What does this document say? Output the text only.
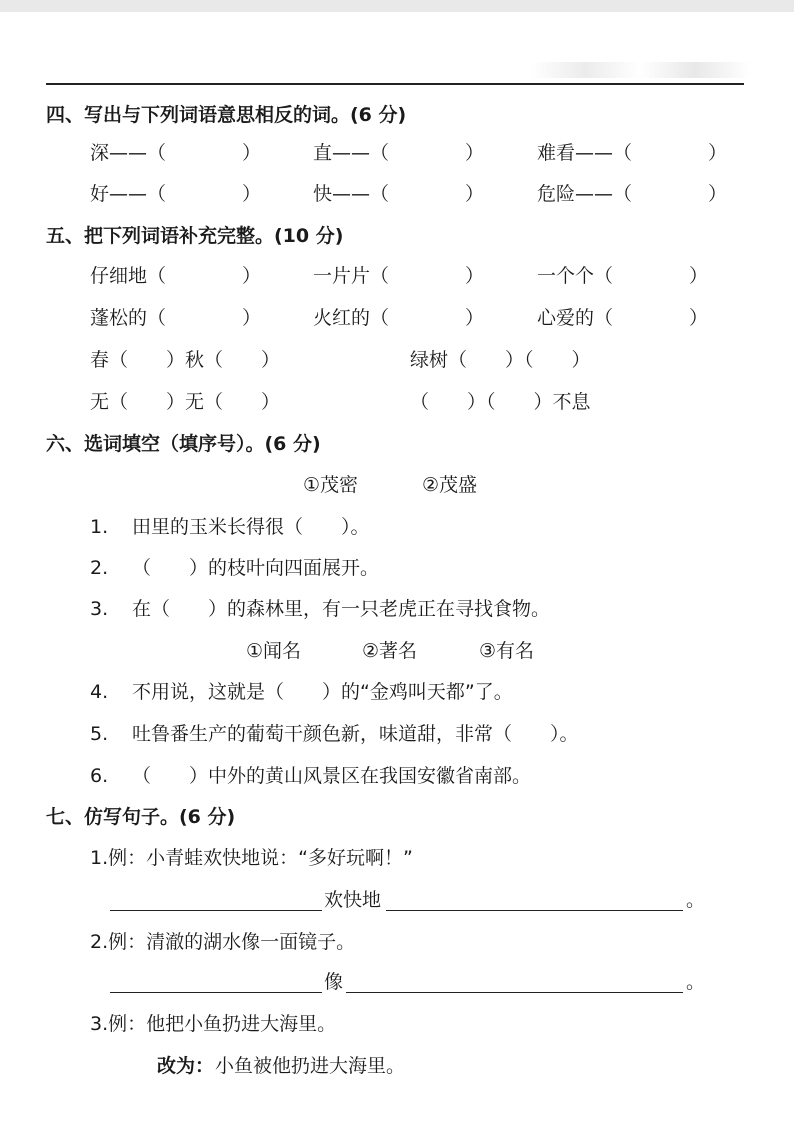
四、写出与下列词语意思相反的词。(6 分)
深——（　　　　）	直——（　　　　）	难看——（　　　　）
好——（　　　　）	快——（　　　　）	危险——（　　　　）
五、把下列词语补充完整。(10 分)
仔细地（　　　　）	一片片（　　　　）	一个个（　　　　）
蓬松的（　　　　）	火红的（　　　　）	心爱的（　　　　）
春（　　）秋（　　）	绿树（　　）（　　）
无（　　）无（　　）	（　　）（　　）不息
六、选词填空（填序号）。(6 分)
①茂密	②茂盛
1. 田里的玉米长得很（　　）。
2. （　　）的枝叶向四面展开。
3. 在（　　）的森林里，有一只老虎正在寻找食物。
①闻名	②著名	③有名
4. 不用说，这就是（　　）的“金鸡叫天都”了。
5. 吐鲁番生产的葡萄干颜色新，味道甜，非常（　　）。
6. （　　）中外的黄山风景区在我国安徽省南部。
七、仿写句子。(6 分)
1.例：小青蛙欢快地说：“多好玩啊！”
欢快地	。
2.例：清澈的湖水像一面镜子。
像	。
3.例：他把小鱼扔进大海里。
改为： 小鱼被他扔进大海里。
